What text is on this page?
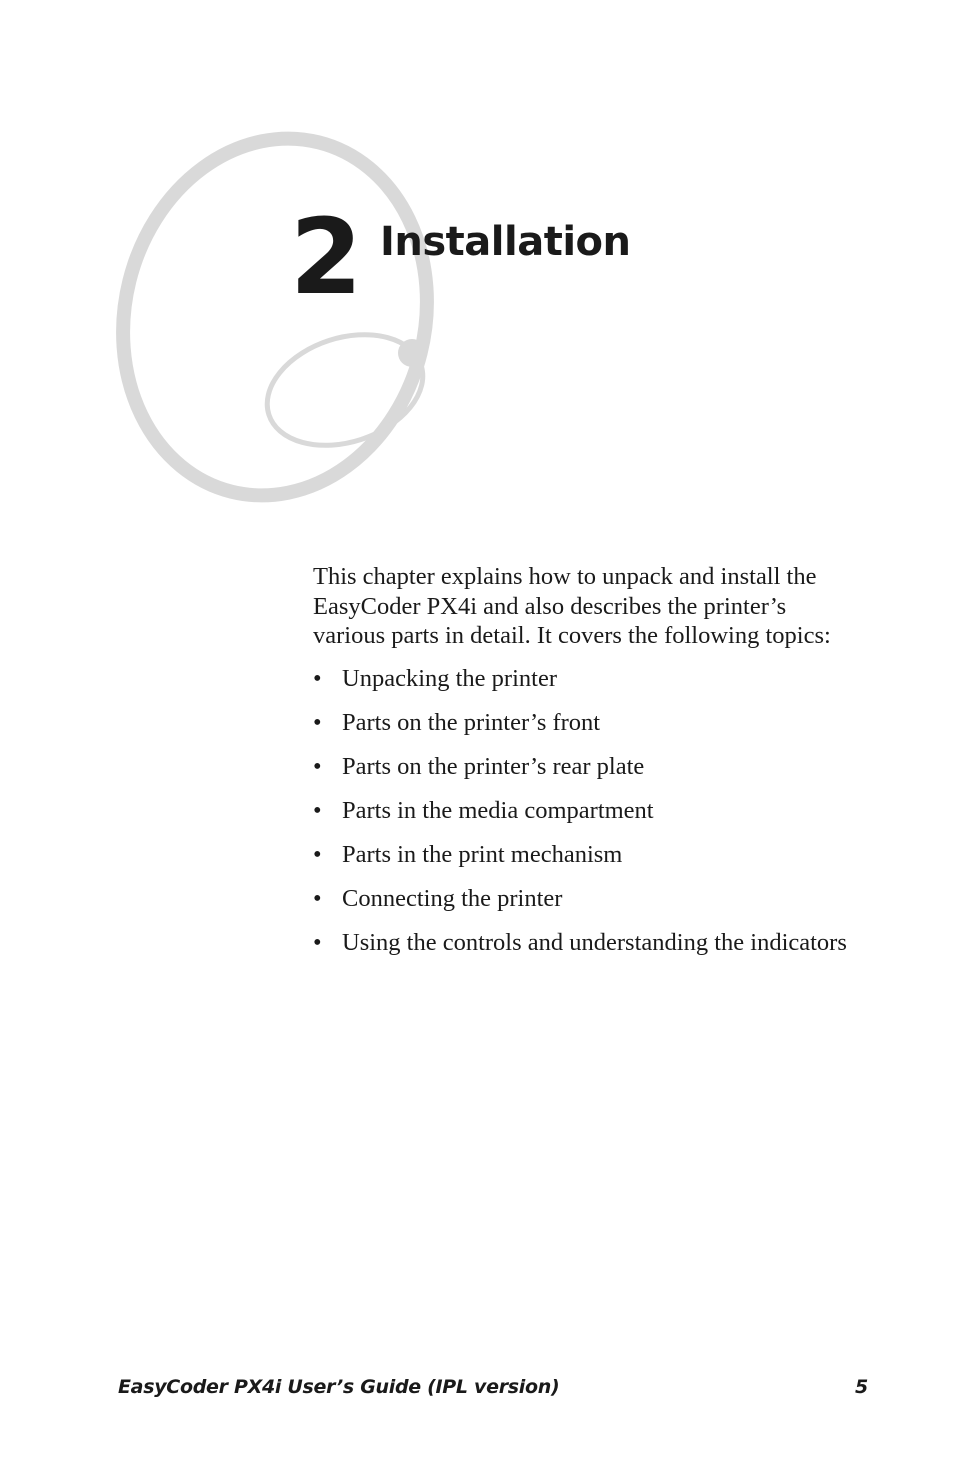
2 Installation

This chapter explains how to unpack and install the EasyCoder PX4i and also describes the printer’s various parts in detail. It covers the following topics:

• Unpacking the printer
• Parts on the printer’s front
• Parts on the printer’s rear plate
• Parts in the media compartment
• Parts in the print mechanism
• Connecting the printer
• Using the controls and understanding the indicators
EasyCoder PX4i User’s Guide (IPL version)	5
